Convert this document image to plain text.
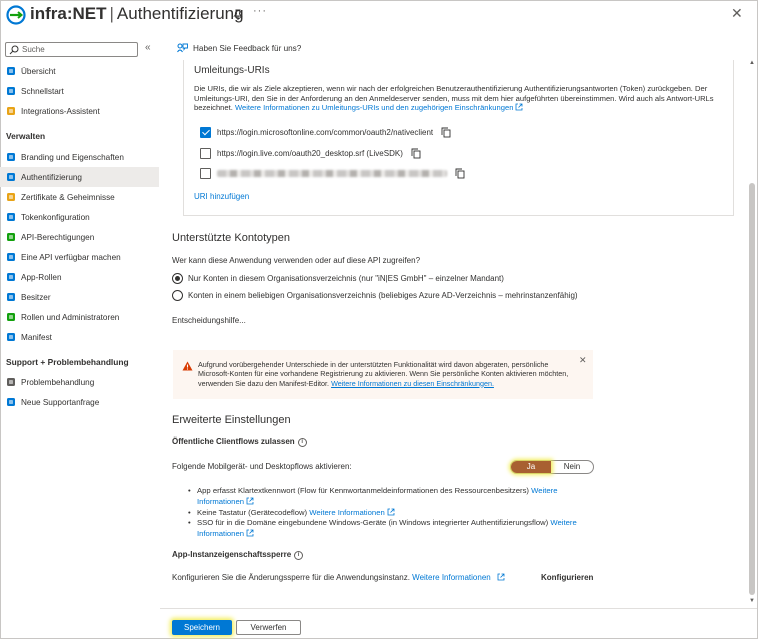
infra:NET | Authentifizierung ···	✕
Suche
«
Übersicht
Schnellstart
Integrations-Assistent
Verwalten
Branding und Eigenschaften
Authentifizierung
Zertifikate & Geheimnisse
Tokenkonfiguration
API-Berechtigungen
Eine API verfügbar machen
App-Rollen
Besitzer
Rollen und Administratoren
Manifest
Support + Problembehandlung
Problembehandlung
Neue Supportanfrage
Haben Sie Feedback für uns?
▲
▼
Umleitungs-URIs
Die URIs, die wir als Ziele akzeptieren, wenn wir nach der erfolgreichen Benutzerauthentifizierung Authentifizierungsantworten (Token) zurückgeben. Der Umleitungs-URI, den Sie in der Anforderung an den Anmeldeserver senden, muss mit dem hier aufgeführten übereinstimmen. Wird auch als Antwort-URLs bezeichnet. Weitere Informationen zu Umleitungs-URIs und den zugehörigen Einschränkungen
https://login.microsoftonline.com/common/oauth2/nativeclient
https://login.live.com/oauth20_desktop.srf (LiveSDK)
URI hinzufügen
Unterstützte Kontotypen
Wer kann diese Anwendung verwenden oder auf diese API zugreifen?
Nur Konten in diesem Organisationsverzeichnis (nur "iN|ES GmbH" – einzelner Mandant)
Konten in einem beliebigen Organisationsverzeichnis (beliebiges Azure AD-Verzeichnis – mehrinstanzenfähig)
Entscheidungshilfe...
Aufgrund vorübergehender Unterschiede in der unterstützten Funktionalität wird davon abgeraten, persönliche Microsoft-Konten für eine vorhandene Registrierung zu aktivieren. Wenn Sie persönliche Konten aktivieren möchten, verwenden Sie dazu den Manifest-Editor. Weitere Informationen zu diesen Einschränkungen.
✕
Erweiterte Einstellungen
Öffentliche Clientflows zulassen i
Folgende Mobilgerät- und Desktopflows aktivieren:	Ja	Nein
• App erfasst Klartextkennwort (Flow für Kennwortanmeldeinformationen des Ressourcenbesitzers) Weitere Informationen
• Keine Tastatur (Gerätecodeflow) Weitere Informationen
• SSO für in die Domäne eingebundene Windows-Geräte (in Windows integrierter Authentifizierungsflow) Weitere Informationen
App-Instanzeigenschaftssperre i
Konfigurieren Sie die Änderungssperre für die Anwendungsinstanz. Weitere Informationen	Konfigurieren
Speichern	Verwerfen
